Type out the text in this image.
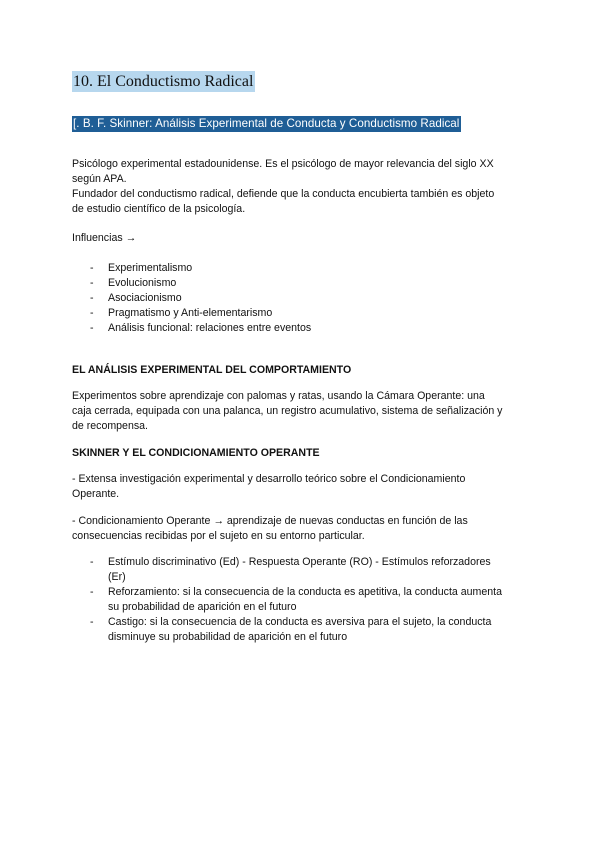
10. El Conductismo Radical
[. B. F. Skinner: Análisis Experimental de Conducta y Conductismo Radical
Psicólogo experimental estadounidense. Es el psicólogo de mayor relevancia del siglo XX
según APA.
Fundador del conductismo radical, defiende que la conducta encubierta también es objeto
de estudio científico de la psicología.
Influencias →
- Experimentalismo
- Evolucionismo
- Asociacionismo
- Pragmatismo y Anti-elementarismo
- Análisis funcional: relaciones entre eventos
EL ANÁLISIS EXPERIMENTAL DEL COMPORTAMIENTO
Experimentos sobre aprendizaje con palomas y ratas, usando la Cámara Operante: una
caja cerrada, equipada con una palanca, un registro acumulativo, sistema de señalización y
de recompensa.
SKINNER Y EL CONDICIONAMIENTO OPERANTE
- Extensa investigación experimental y desarrollo teórico sobre el Condicionamiento
Operante.
- Condicionamiento Operante → aprendizaje de nuevas conductas en función de las
consecuencias recibidas por el sujeto en su entorno particular.
- Estímulo discriminativo (Ed) - Respuesta Operante (RO) - Estímulos reforzadores
(Er)
- Reforzamiento: si la consecuencia de la conducta es apetitiva, la conducta aumenta
su probabilidad de aparición en el futuro
- Castigo: si la consecuencia de la conducta es aversiva para el sujeto, la conducta
disminuye su probabilidad de aparición en el futuro
